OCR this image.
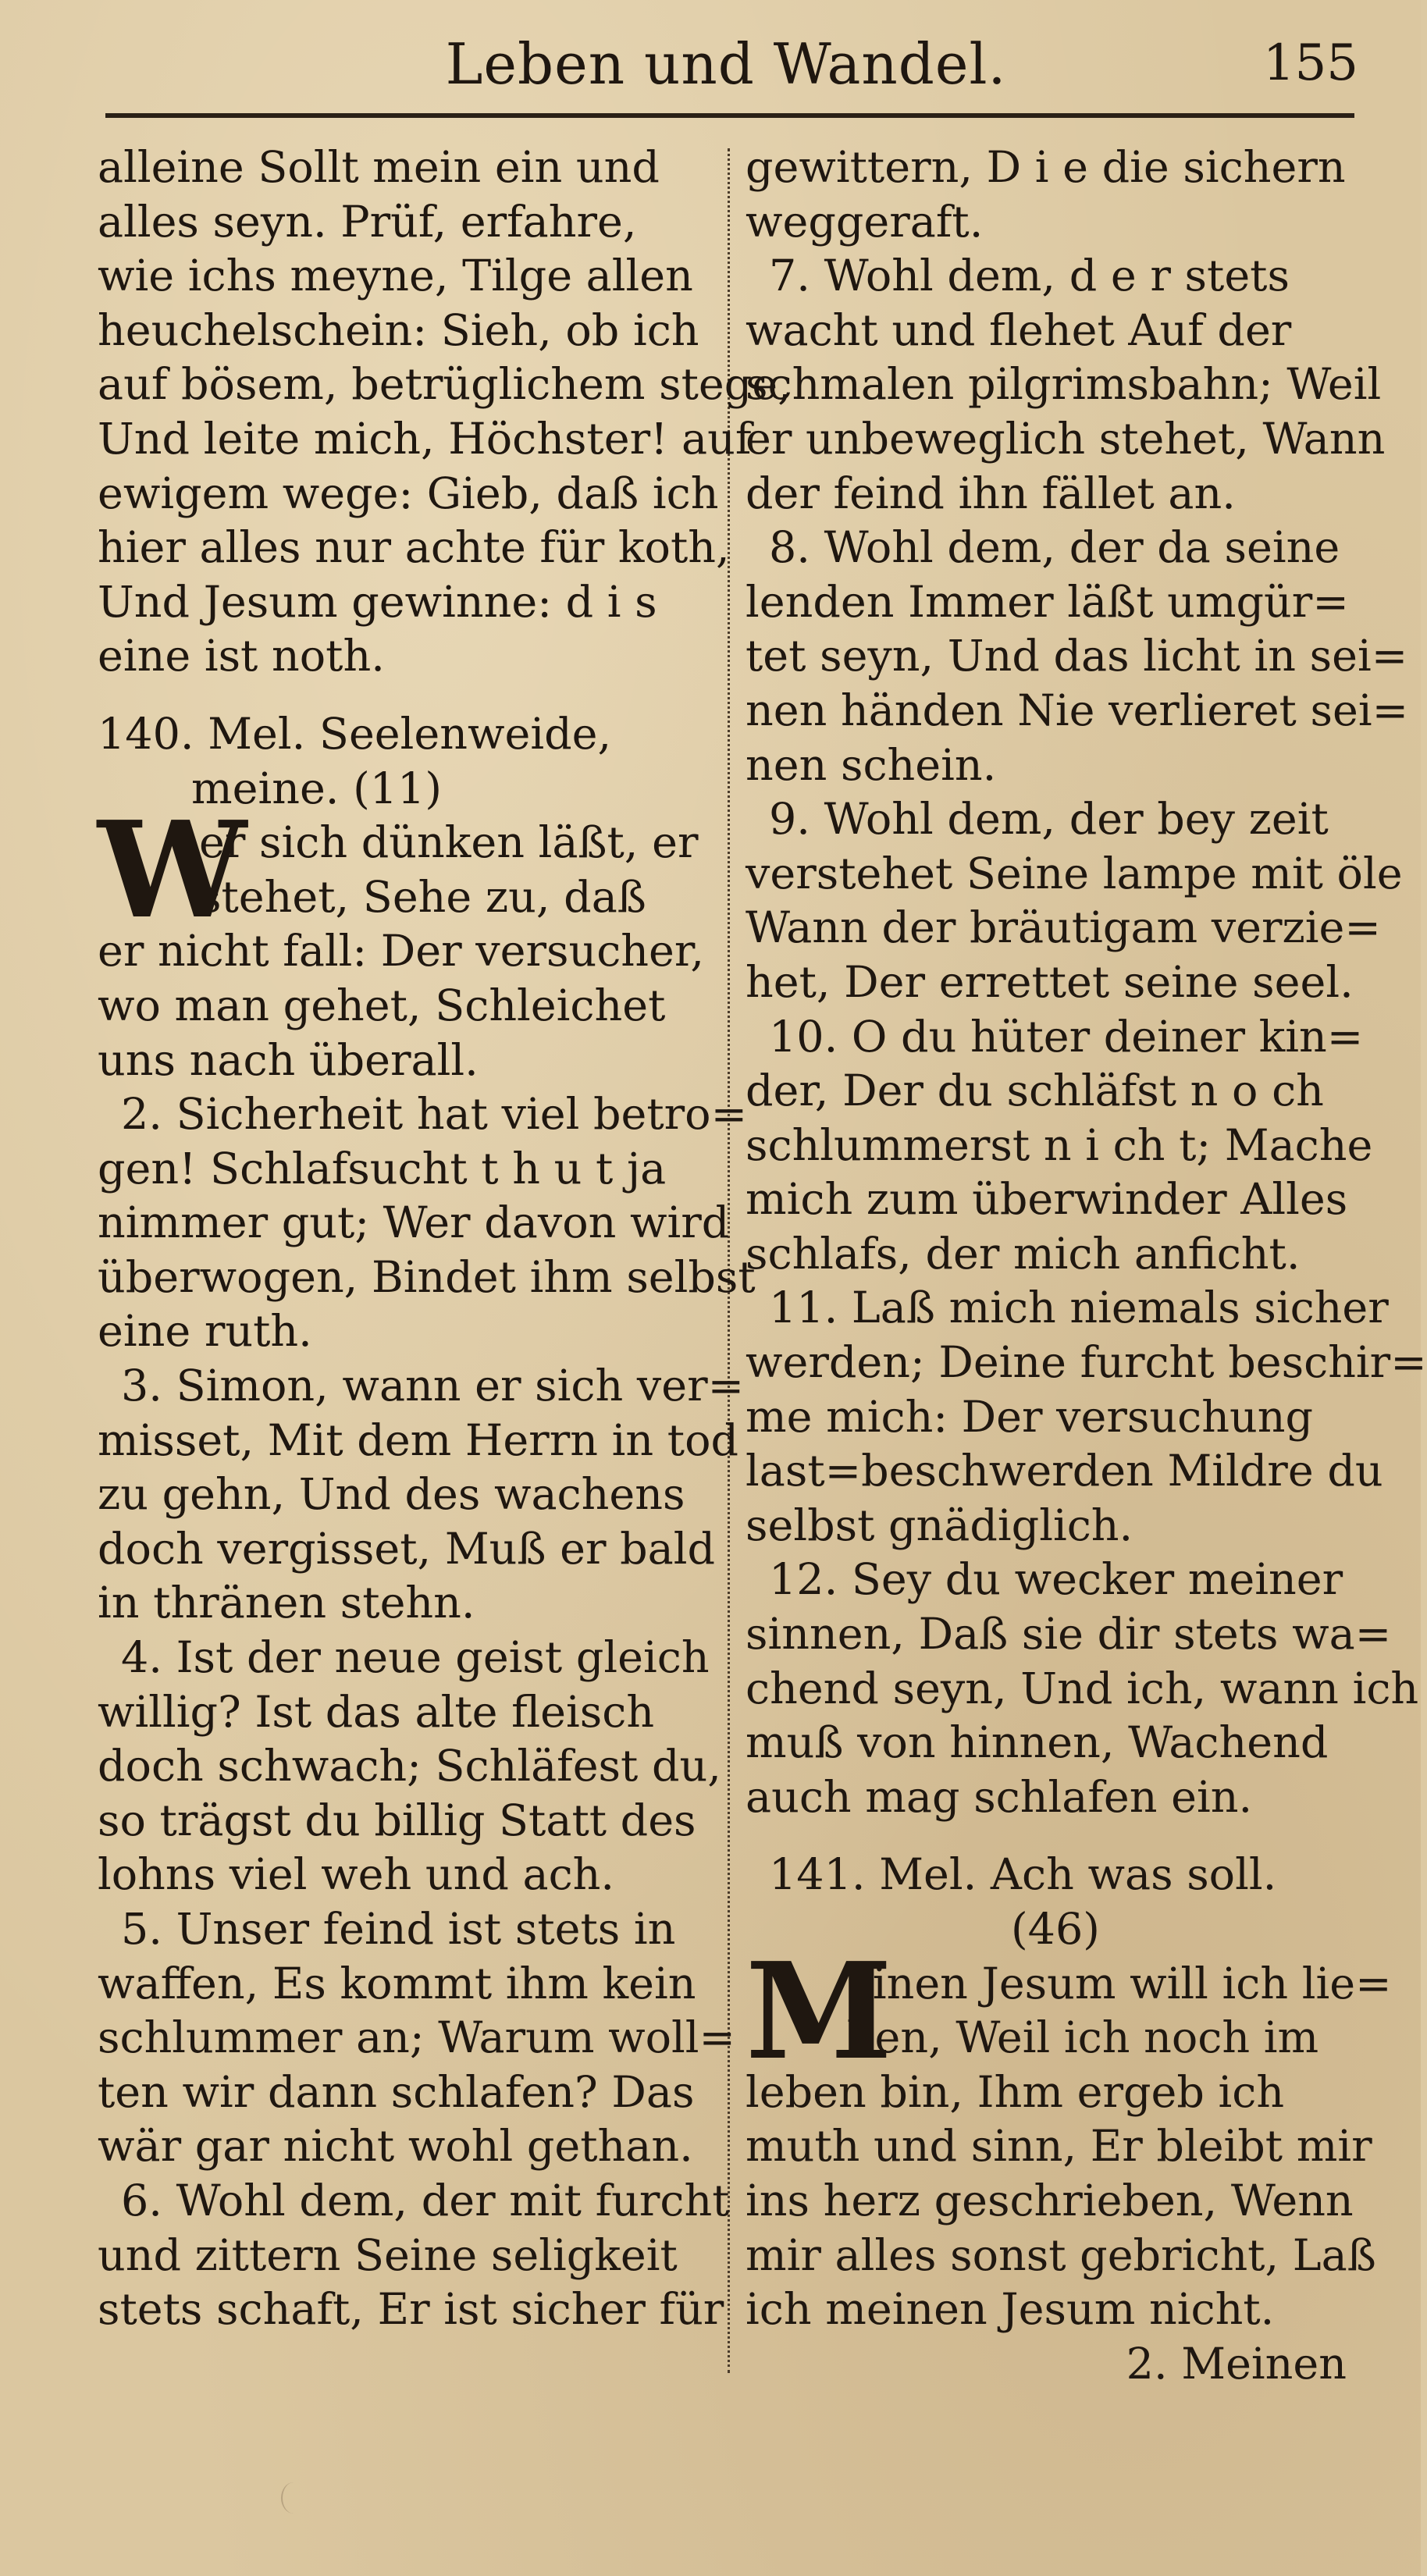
Leben und Wandel.	155
alleine Sollt mein ein und
alles seyn. Prüf, erfahre,
wie ichs meyne, Tilge allen
heuchelschein: Sieh, ob ich
auf bösem, betrüglichem stege,
Und leite mich, Höchster! auf
ewigem wege: Gieb, daß ich
hier alles nur achte für koth,
Und Jesum gewinne: d i s
eine ist noth.
140. Mel. Seelenweide,
meine. (11)
W
er sich dünken läßt, er
stehet, Sehe zu, daß
er nicht fall: Der versucher,
wo man gehet, Schleichet
uns nach überall.
2. Sicherheit hat viel betro=
gen! Schlafsucht t h u t ja
nimmer gut; Wer davon wird
überwogen, Bindet ihm selbst
eine ruth.
3. Simon, wann er sich ver=
misset, Mit dem Herrn in tod
zu gehn, Und des wachens
doch vergisset, Muß er bald
in thränen stehn.
4. Ist der neue geist gleich
willig? Ist das alte fleisch
doch schwach; Schläfest du,
so trägst du billig Statt des
lohns viel weh und ach.
5. Unser feind ist stets in
waffen, Es kommt ihm kein
schlummer an; Warum woll=
ten wir dann schlafen? Das
wär gar nicht wohl gethan.
6. Wohl dem, der mit furcht
und zittern Seine seligkeit
stets schaft, Er ist sicher für
gewittern, D i e die sichern
weggeraft.
7. Wohl dem, d e r stets
wacht und flehet Auf der
schmalen pilgrimsbahn; Weil
er unbeweglich stehet, Wann
der feind ihn fället an.
8. Wohl dem, der da seine
lenden Immer läßt umgür=
tet seyn, Und das licht in sei=
nen händen Nie verlieret sei=
nen schein.
9. Wohl dem, der bey zeit
verstehet Seine lampe mit öle
Wann der bräutigam verzie=
het, Der errettet seine seel.
10. O du hüter deiner kin=
der, Der du schläfst n o ch
schlummerst n i ch t; Mache
mich zum überwinder Alles
schlafs, der mich anficht.
11. Laß mich niemals sicher
werden; Deine furcht beschir=
me mich: Der versuchung
last=beschwerden Mildre du
selbst gnädiglich.
12. Sey du wecker meiner
sinnen, Daß sie dir stets wa=
chend seyn, Und ich, wann ich
muß von hinnen, Wachend
auch mag schlafen ein.
141. Mel. Ach was soll.
(46)
M
einen Jesum will ich lie=
ben, Weil ich noch im
leben bin, Ihm ergeb ich
muth und sinn, Er bleibt mir
ins herz geschrieben, Wenn
mir alles sonst gebricht, Laß
ich meinen Jesum nicht.
2. Meinen
